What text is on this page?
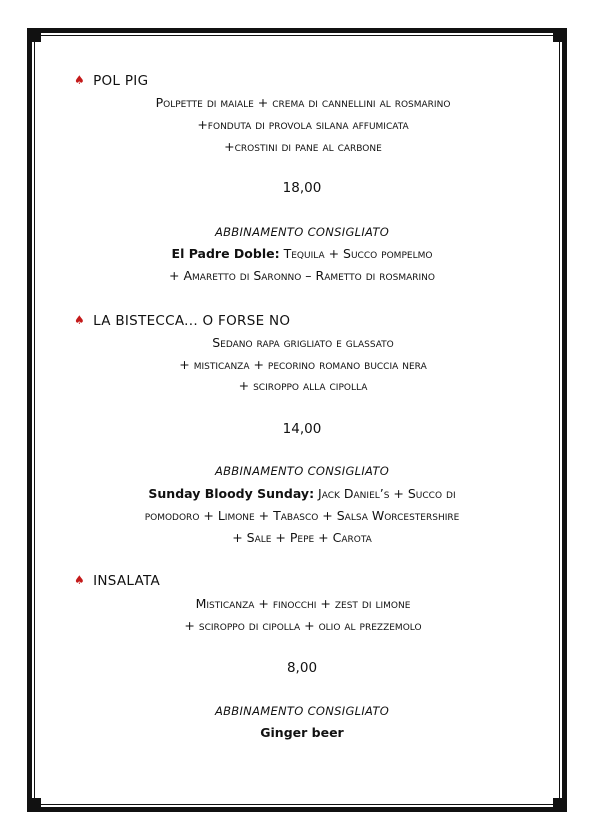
♠ POL PIG
Polpette di maiale + crema di cannellini al rosmarino
+fonduta di provola silana affumicata
+crostini di pane al carbone
18,00
ABBINAMENTO CONSIGLIATO
El Padre Doble: Tequila + Succo pompelmo
+ Amaretto di Saronno – Rametto di rosmarino
♠ LA BISTECCA... O FORSE NO
Sedano rapa grigliato e glassato
+ misticanza + pecorino romano buccia nera
+ sciroppo alla cipolla
14,00
ABBINAMENTO CONSIGLIATO
Sunday Bloody Sunday: Jack Daniel’s + Succo di
pomodoro + Limone + Tabasco + Salsa Worcestershire
+ Sale + Pepe + Carota
♠ INSALATA
Misticanza + finocchi + zest di limone
+ sciroppo di cipolla + olio al prezzemolo
8,00
ABBINAMENTO CONSIGLIATO
Ginger beer
